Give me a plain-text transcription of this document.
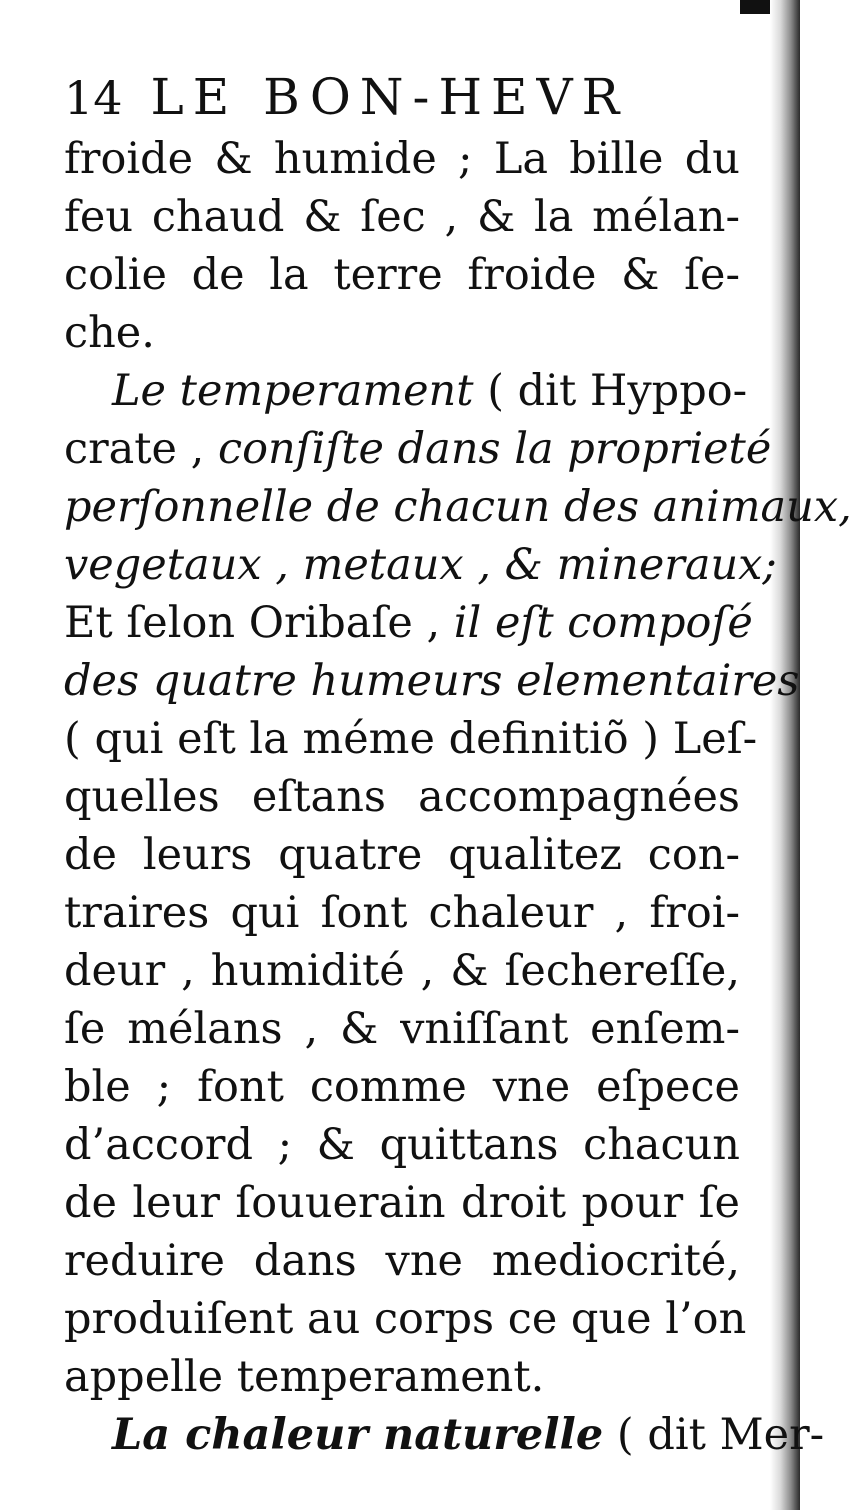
14 LE BON-HEVR
froide & humide ; La bille du
feu chaud & ſec , & la mélan-
colie de la terre froide & ſe-
che.
Le temperament ( dit Hyppo-
crate , conſiſte dans la proprieté
perſonnelle de chacun des animaux,
vegetaux , metaux , & mineraux;
Et ſelon Oribaſe , il eſt compoſé
des quatre humeurs elementaires
( qui eſt la méme definitiõ ) Leſ-
quelles eſtans accompagnées
de leurs quatre qualitez con-
traires qui ſont chaleur , froi-
deur , humidité , & ſechereſſe,
ſe mélans , & vniſſant enſem-
ble ; font comme vne eſpece
d’accord ; & quittans chacun
de leur ſouuerain droit pour ſe
reduire dans vne mediocrité,
produiſent au corps ce que l’on
appelle temperament.
La chaleur naturelle ( dit Mer-
